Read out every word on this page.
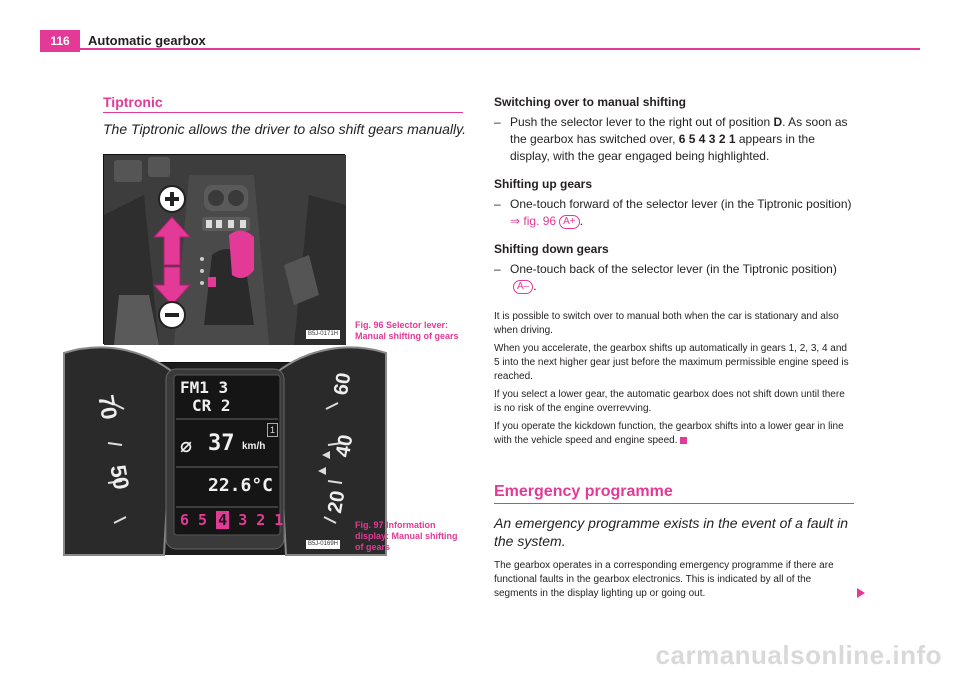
116	Automatic gearbox
Tiptronic
The Tiptronic allows the driver to also shift gears manually.
B5J-0171H
Fig. 96 Selector lever:
Manual shifting of gears
70
50
60
40
20
FM1 3
CR 2
1
⌀ 37 km/h
22.6°C
6 5 4 3 2 1
B5J-0169H
Fig. 97 Information
display: Manual shifting
of gears
Switching over to manual shifting
– Push the selector lever to the right out of position D. As soon as the gearbox has switched over, 6 5 4 3 2 1 appears in the display, with the gear engaged being highlighted.
Shifting up gears
– One-touch forward of the selector lever (in the Tiptronic position)
⇒ fig. 96 A+ .
Shifting down gears
– One-touch back of the selector lever (in the Tiptronic position)A– .
It is possible to switch over to manual both when the car is stationary and also when driving.
When you accelerate, the gearbox shifts up automatically in gears 1, 2, 3, 4 and 5 into the next higher gear just before the maximum permissible engine speed is reached.
If you select a lower gear, the automatic gearbox does not shift down until there is no risk of the engine overrevving.
If you operate the kickdown function, the gearbox shifts into a lower gear in line with the vehicle speed and engine speed.
Emergency programme
An emergency programme exists in the event of a fault in the system.
The gearbox operates in a corresponding emergency programme if there are functional faults in the gearbox electronics. This is indicated by all of the segments in the display lighting up or going out.
carmanualsonline.info
